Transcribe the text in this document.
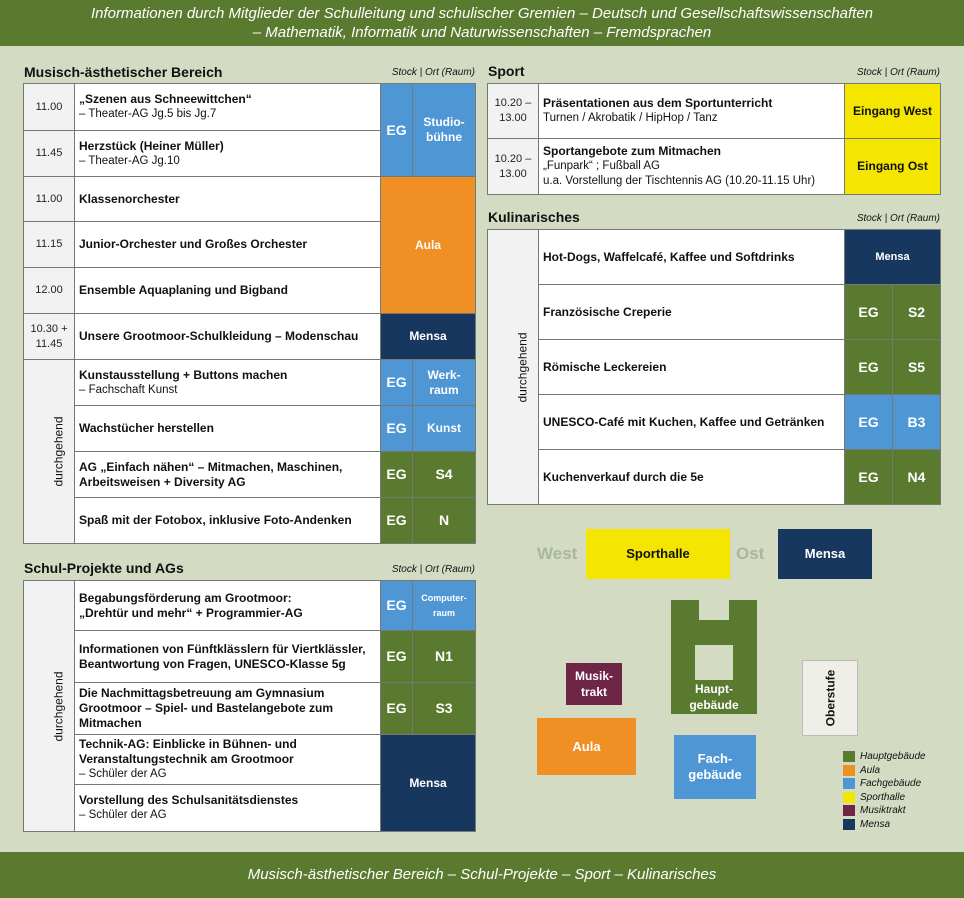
Informationen durch Mitglieder der Schulleitung und schulischer Gremien – Deutsch und Gesellschaftswissenschaften
– Mathematik, Informatik und Naturwissenschaften – Fremdsprachen
Musisch-ästhetischer Bereich – Schul-Projekte – Sport – Kulinarisches
Musisch-ästhetischer Bereich	Stock | Ort (Raum)
11.00	„Szenen aus Schneewittchen“
– Theater-AG Jg.5 bis Jg.7	EG	Studio-bühne
11.45	Herzstück (Heiner Müller)
– Theater-AG Jg.10		

11.00	Klassenorchester	Aula	
11.15	Junior-Orchester und Großes Orchester		
12.00	Ensemble Aquaplaning und Bigband		
10.30 + 11.45	Unsere Grootmoor-Schulkleidung – Modenschau	Mensa	
durchgehend	Kunstausstellung + Buttons machen
– Fachschaft Kunst	EG	Werk-raum
	Wachstücher herstellen	EG	Kunst
	AG „Einfach nähen“ – Mitmachen, Maschinen, Arbeitsweisen + Diversity AG	EG	S4
	Spaß mit der Fotobox, inklusive Foto-Andenken	EG	N
Schul-Projekte und AGs	Stock | Ort (Raum)
durchgehend	Begabungsförderung am Grootmoor:
„Drehtür und mehr“ + Programmier-AG	EG	Computer-raum
	Informationen von Fünftklässlern für Viertklässler, Beantwortung von Fragen, UNESCO-Klasse 5g	EG	N1
	Die Nachmittagsbetreuung am Gymnasium Grootmoor – Spiel- und Bastelangebote zum Mitmachen	EG	S3
	Technik-AG: Einblicke in Bühnen- und Veranstaltungstechnik am Grootmoor
– Schüler der AG	Mensa	
	Vorstellung des Schulsanitätsdienstes
– Schüler der AG		
Sport	Stock | Ort (Raum)
10.20 – 13.00	Präsentationen aus dem Sportunterricht
Turnen / Akrobatik / HipHop / Tanz	Eingang West
10.20 – 13.00	Sportangebote zum Mitmachen
„Funpark“ ; Fußball AG
u.a. Vorstellung der Tischtennis AG (10.20-11.15 Uhr)	Eingang Ost
Kulinarisches	Stock | Ort (Raum)
durchgehend	Hot-Dogs, Waffelcafé, Kaffee und Softdrinks	Mensa	
	Französische Creperie	EG	S2
	Römische Leckereien	EG	S5
	UNESCO-Café mit Kuchen, Kaffee und Getränken	EG	B3
	Kuchenverkauf durch die 5e	EG	N4
West	Ost
Sporthalle	Mensa
Musik-trakt	Haupt-gebäude	Oberstufe
Aula
Fach-gebäude
Hauptgebäude
Aula
Fachgebäude
Sporthalle
Musiktrakt
Mensa
